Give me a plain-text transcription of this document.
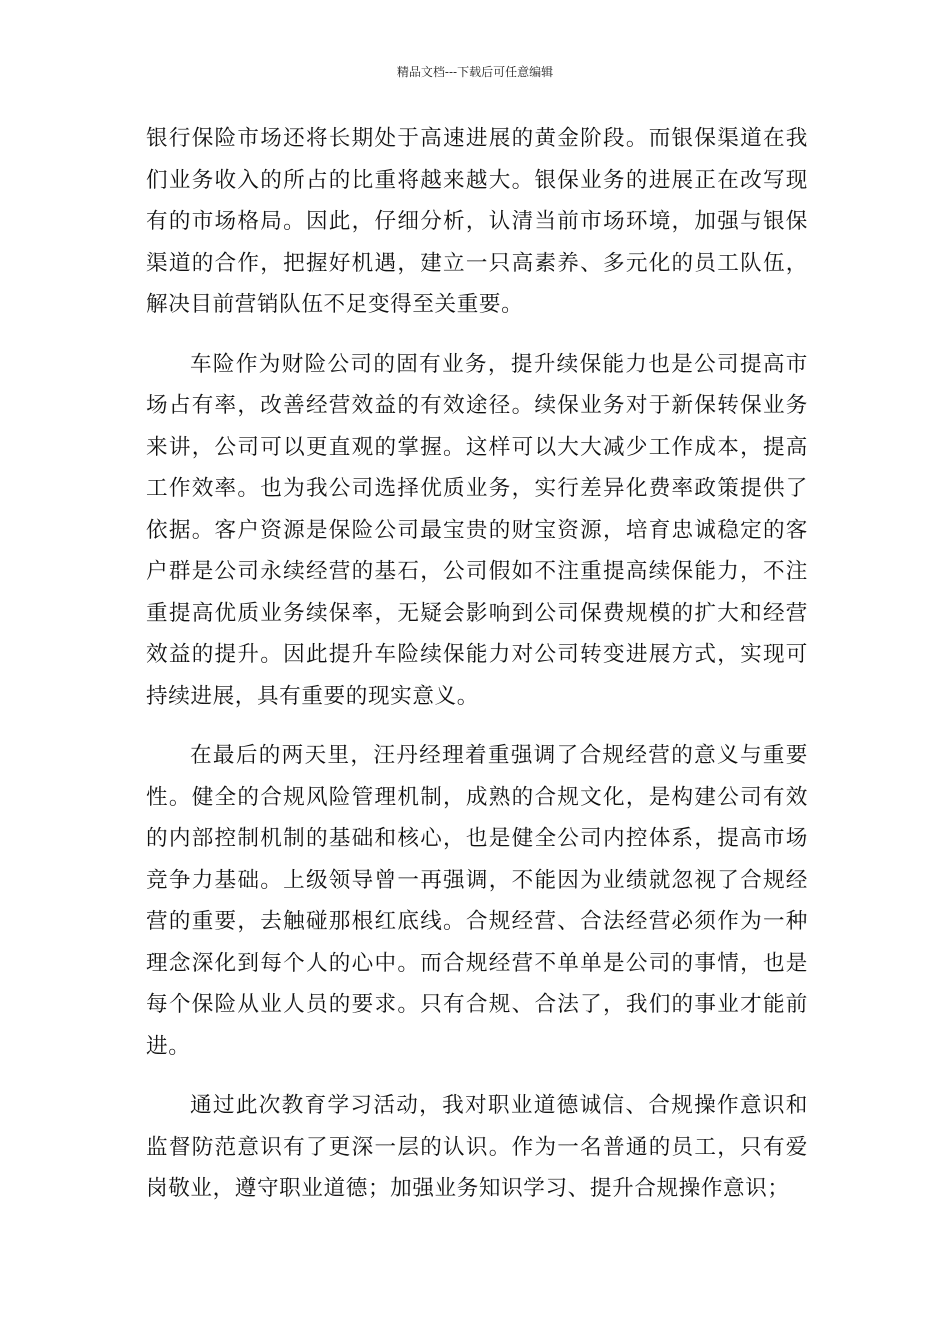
精品文档---下载后可任意编辑

银行保险市场还将长期处于高速进展的黄金阶段。而银保渠道在我们业务收入的所占的比重将越来越大。银保业务的进展正在改写现有的市场格局。因此，仔细分析，认清当前市场环境，加强与银保渠道的合作，把握好机遇，建立一只高素养、多元化的员工队伍，解决目前营销队伍不足变得至关重要。

车险作为财险公司的固有业务，提升续保能力也是公司提高市场占有率，改善经营效益的有效途径。续保业务对于新保转保业务来讲，公司可以更直观的掌握。这样可以大大减少工作成本，提高工作效率。也为我公司选择优质业务，实行差异化费率政策提供了依据。客户资源是保险公司最宝贵的财宝资源，培育忠诚稳定的客户群是公司永续经营的基石，公司假如不注重提高续保能力，不注重提高优质业务续保率，无疑会影响到公司保费规模的扩大和经营效益的提升。因此提升车险续保能力对公司转变进展方式，实现可持续进展，具有重要的现实意义。

在最后的两天里，汪丹经理着重强调了合规经营的意义与重要性。健全的合规风险管理机制，成熟的合规文化，是构建公司有效的内部控制机制的基础和核心，也是健全公司内控体系，提高市场竞争力基础。上级领导曾一再强调，不能因为业绩就忽视了合规经营的重要，去触碰那根红底线。合规经营、合法经营必须作为一种理念深化到每个人的心中。而合规经营不单单是公司的事情，也是每个保险从业人员的要求。只有合规、合法了，我们的事业才能前进。

通过此次教育学习活动，我对职业道德诚信、合规操作意识和监督防范意识有了更深一层的认识。作为一名普通的员工，只有爱岗敬业，遵守职业道德；加强业务知识学习、提升合规操作意识；
